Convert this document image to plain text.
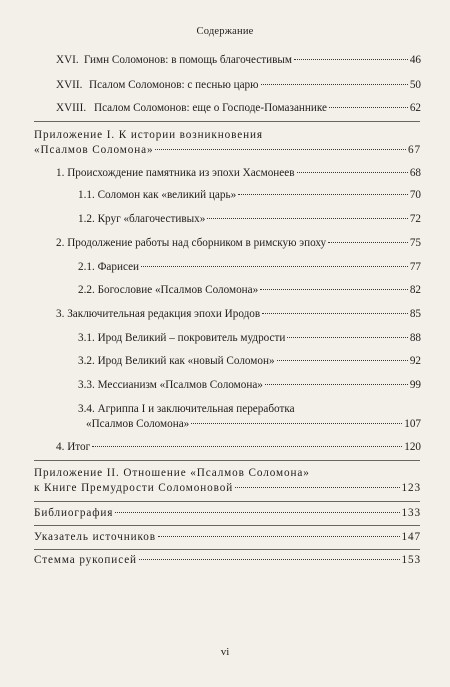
Содержание
XVI. Гимн Соломонов: в помощь благочестивым	46
XVII. Псалом Соломонов: с песнью царю	50
XVIII. Псалом Соломонов: еще о Господе-Помазаннике	62
Приложение I. К истории возникновения
«Псалмов Соломона»	67
1. Происхождение памятника из эпохи Хасмонеев	68
1.1. Соломон как «великий царь»	70
1.2. Круг «благочестивых»	72
2. Продолжение работы над сборником в римскую эпоху	75
2.1. Фарисеи	77
2.2. Богословие «Псалмов Соломона»	82
3. Заключительная редакция эпохи Иродов	85
3.1. Ирод Великий – покровитель мудрости	88
3.2. Ирод Великий как «новый Соломон»	92
3.3. Мессианизм «Псалмов Соломона»	99
3.4. Агриппа I и заключительная переработка
«Псалмов Соломона»	107
4. Итог	120
Приложение II. Отношение «Псалмов Соломона»
к Книге Премудрости Соломоновой	123
Библиография	133
Указатель источников	147
Стемма рукописей	153
vi
